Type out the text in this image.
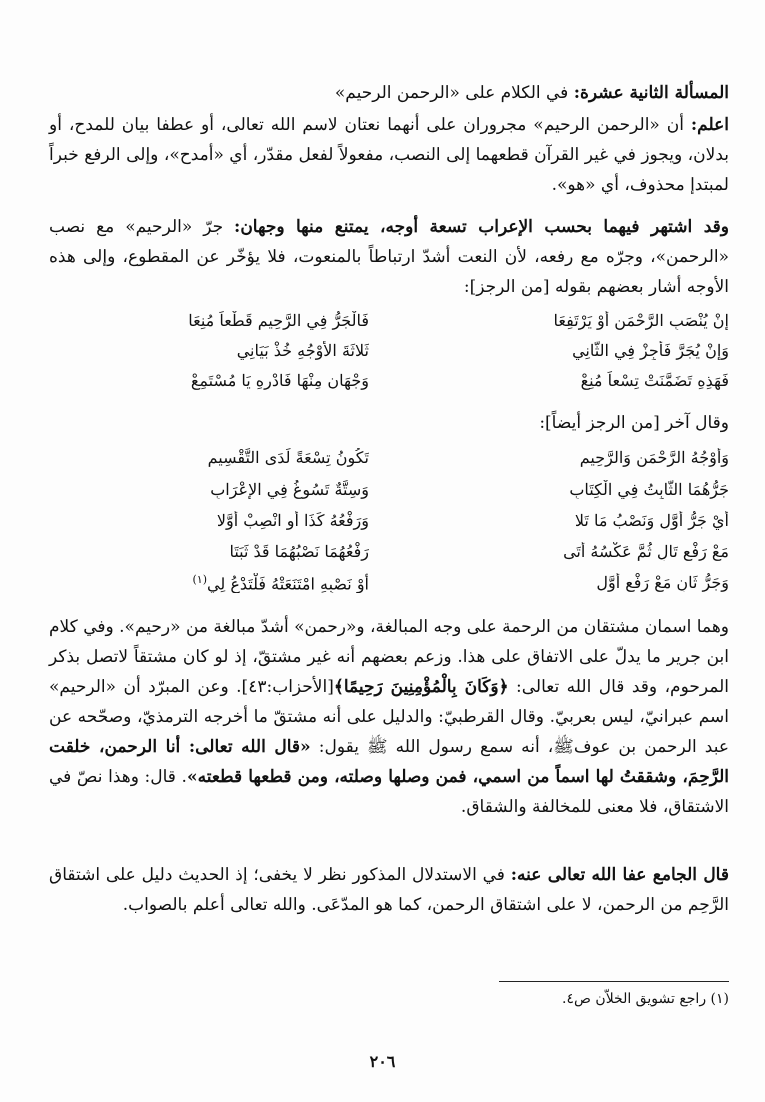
المسألة الثانية عشرة: في الكلام على «الرحمن الرحيم»

اعلم: أن «الرحمن الرحيم» مجروران على أنهما نعتان لاسم الله تعالى، أو عطفا بيان للمدح، أو بدلان، ويجوز في غير القرآن قطعهما إلى النصب، مفعولاً لفعل مقدّر، أي «أمدح»، وإلى الرفع خبراً لمبتدإ محذوف، أي «هو».

وقد اشتهر فيهما بحسب الإعراب تسعة أوجه، يمتنع منها وجهان: جرّ «الرحيم» مع نصب «الرحمن»، وجرّه مع رفعه، لأن النعت أشدّ ارتباطاً بالمنعوت، فلا يؤخّر عن المقطوع، وإلى هذه الأوجه أشار بعضهم بقوله [من الرجز]:

إنْ يُنْصَبِ الرَّحْمَنِ أَوْ يَرْتَفِعَا
فَالْجَرُّ فِي الرَّحِيمِ قَطْعاً مُنِعَا
وَإِنْ يُجَرَّ فَأَجِزْ فِي الثَّانِي
ثَلاثَةَ الأَوْجُهِ خُذْ بَيَانِي
فَهَذِهِ تَضَمَّنَتْ تِسْعاً مُنِعْ
وَجْهَانِ مِنْهَا فَادْرِهِ يَا مُسْتَمِعْ

وقال آخر [من الرجز أيضاً]:

وَأَوْجُهُ الرَّحْمَنِ وَالرَّحِيمِ
تَكُونُ تِسْعَةً لَدَى التَّقْسِيمِ
جَرُّهُمَا الثَّابِتُ فِي الْكِتَابِ
وَسِتَّةٌ تَسُوغُ فِي الإِعْرَابِ
أَيْ جَرُّ أَوَّلٍ وَنَصْبُ مَا تَلا
وَرَفْعُهُ كَذَا أَوِ انْصِبْ أَوَّلا
مَعْ رَفْعِ تَالٍ ثُمَّ عَكْسُهُ أَتَى
رَفْعُهُمَا نَصْبُهُمَا قَدْ ثَبَتَا
وَجَرُّ ثَانٍ مَعْ رَفْعِ أَوَّلِ
أَوْ نَصْبِهِ امْتَنَعَتْهُ فَلْتَدْعُ لِي$^{(١)}$

وهما اسمان مشتقان من الرحمة على وجه المبالغة، و«رحمن» أشدّ مبالغة من «رحيم». وفي كلام ابن جرير ما يدلّ على الاتفاق على هذا. وزعم بعضهم أنه غير مشتقّ، إذ لو كان مشتقاً لاتصل بذكر المرحوم، وقد قال الله تعالى: ﴿وَكَانَ بِالْمُؤْمِنِينَ رَحِيمًا﴾[الأحزاب:٤٣]. وعن المبرّد أن «الرحيم» اسم عبرانيّ، ليس بعربيّ. وقال القرطبيّ: والدليل على أنه مشتقّ ما أخرجه الترمذيّ، وصحّحه عن عبد الرحمن بن عوفﷺ، أنه سمع رسول الله ﷺ يقول: «قال الله تعالى: أنا الرحمن، خلقت الرَّحِمَ، وشققتُ لها اسماً من اسمي، فمن وصلها وصلته، ومن قطعها قطعته». قال: وهذا نصّ في الاشتقاق، فلا معنى للمخالفة والشقاق.

قال الجامع عفا الله تعالى عنه: في الاستدلال المذكور نظر لا يخفى؛ إذ الحديث دليل على اشتقاق الرَّحِم من الرحمن، لا على اشتقاق الرحمن، كما هو المدّعَى. والله تعالى أعلم بالصواب.

(١) راجع تشويق الخلاّن ص٤.
٢٠٦
